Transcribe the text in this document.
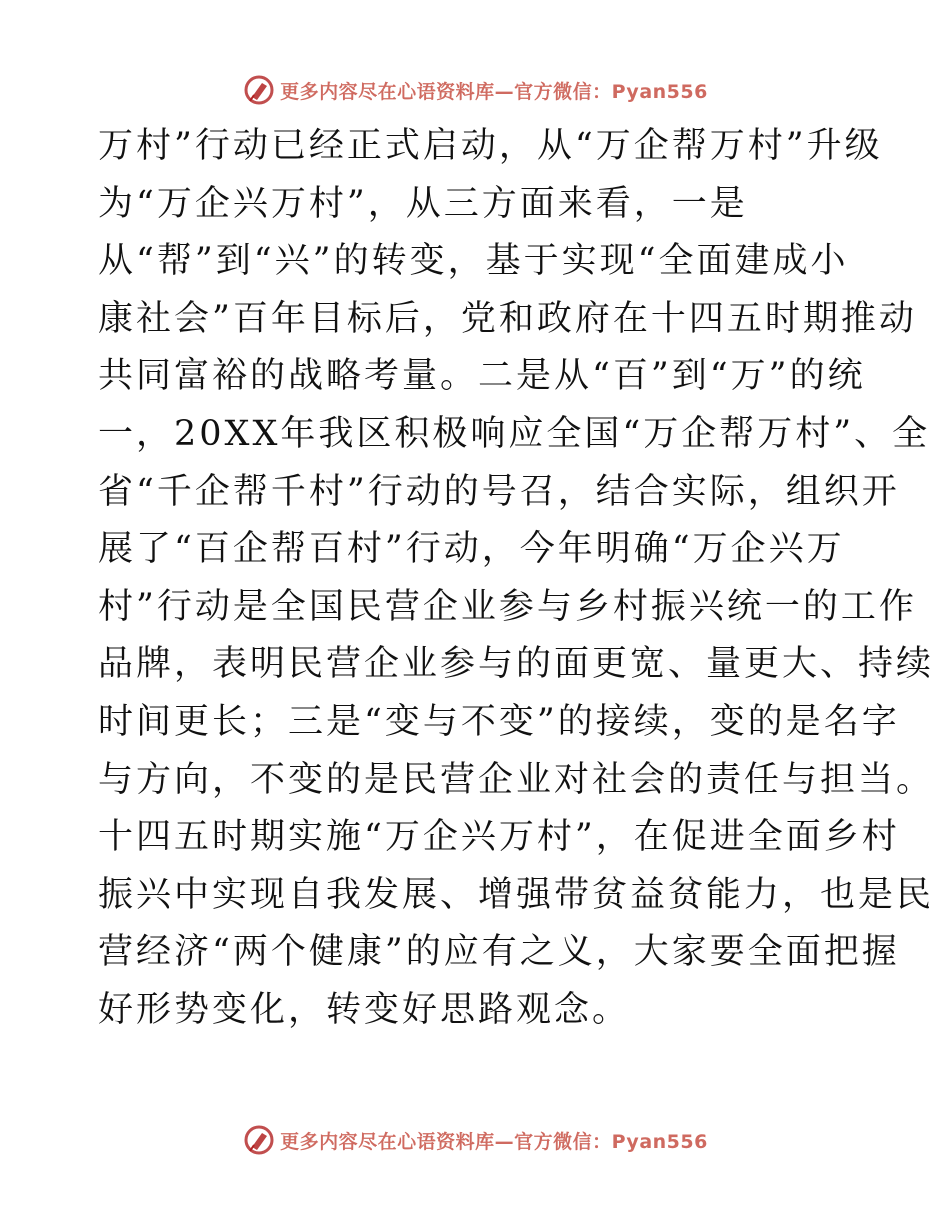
更多内容尽在心语资料库—官方微信：Pyan556
万村”行动已经正式启动，从“万企帮万村”升级
为“万企兴万村”，从三方面来看，一是
从“帮”到“兴”的转变，基于实现“全面建成小
康社会”百年目标后，党和政府在十四五时期推动
共同富裕的战略考量。二是从“百”到“万”的统
一，20XX年我区积极响应全国“万企帮万村”、全
省“千企帮千村”行动的号召，结合实际，组织开
展了“百企帮百村”行动，今年明确“万企兴万
村”行动是全国民营企业参与乡村振兴统一的工作
品牌，表明民营企业参与的面更宽、量更大、持续
时间更长；三是“变与不变”的接续，变的是名字
与方向，不变的是民营企业对社会的责任与担当。
十四五时期实施“万企兴万村”，在促进全面乡村
振兴中实现自我发展、增强带贫益贫能力，也是民
营经济“两个健康”的应有之义，大家要全面把握
好形势变化，转变好思路观念。
更多内容尽在心语资料库—官方微信：Pyan556
